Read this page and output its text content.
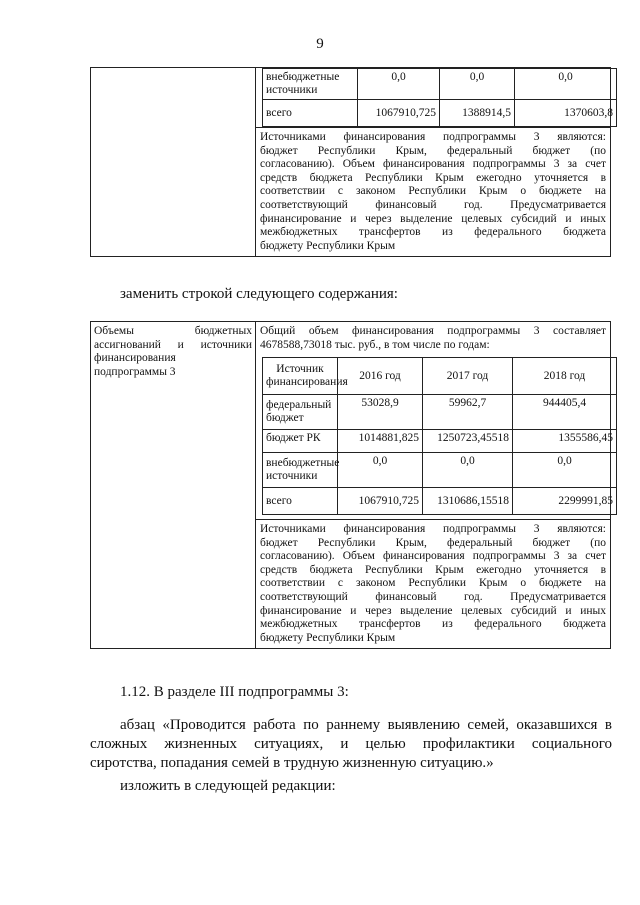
9

внебюджетные источники	0,0	0,0	0,0
всего	1067910,725	1388914,5	1370603,8
Источниками финансирования подпрограммы 3 являются:
бюджет Республики Крым, федеральный бюджет (по
согласованию). Объем финансирования подпрограммы 3 за счет
средств бюджета Республики Крым ежегодно уточняется в
соответствии с законом Республики Крым о бюджете на
соответствующий финансовый год. Предусматривается
финансирование и через выделение целевых субсидий и иных
межбюджетных трансфертов из федерального бюджета
бюджету Республики Крым
заменить строкой следующего содержания:
Объемы бюджетных
ассигнований и источники
финансирования
подпрограммы 3

Общий объем финансирования подпрограммы 3 составляет 4678588,73018 тыс. руб., в том числе по годам:
Источник финансирования	2016 год	2017 год	2018 год
федеральный бюджет	53028,9	59962,7	944405,4
бюджет РК	1014881,825	1250723,45518	1355586,45
внебюджетные источники	0,0	0,0	0,0
всего	1067910,725	1310686,15518	2299991,85
Источниками финансирования подпрограммы 3 являются:
бюджет Республики Крым, федеральный бюджет (по
согласованию). Объем финансирования подпрограммы 3 за счет
средств бюджета Республики Крым ежегодно уточняется в
соответствии с законом Республики Крым о бюджете на
соответствующий финансовый год. Предусматривается
финансирование и через выделение целевых субсидий и иных
межбюджетных трансфертов из федерального бюджета
бюджету Республики Крым
1.12. В разделе III подпрограммы 3:
абзац «Проводится работа по раннему выявлению семей, оказавшихся в
сложных жизненных ситуациях, и целью профилактики социального
сиротства, попадания семей в трудную жизненную ситуацию.»
изложить в следующей редакции:
